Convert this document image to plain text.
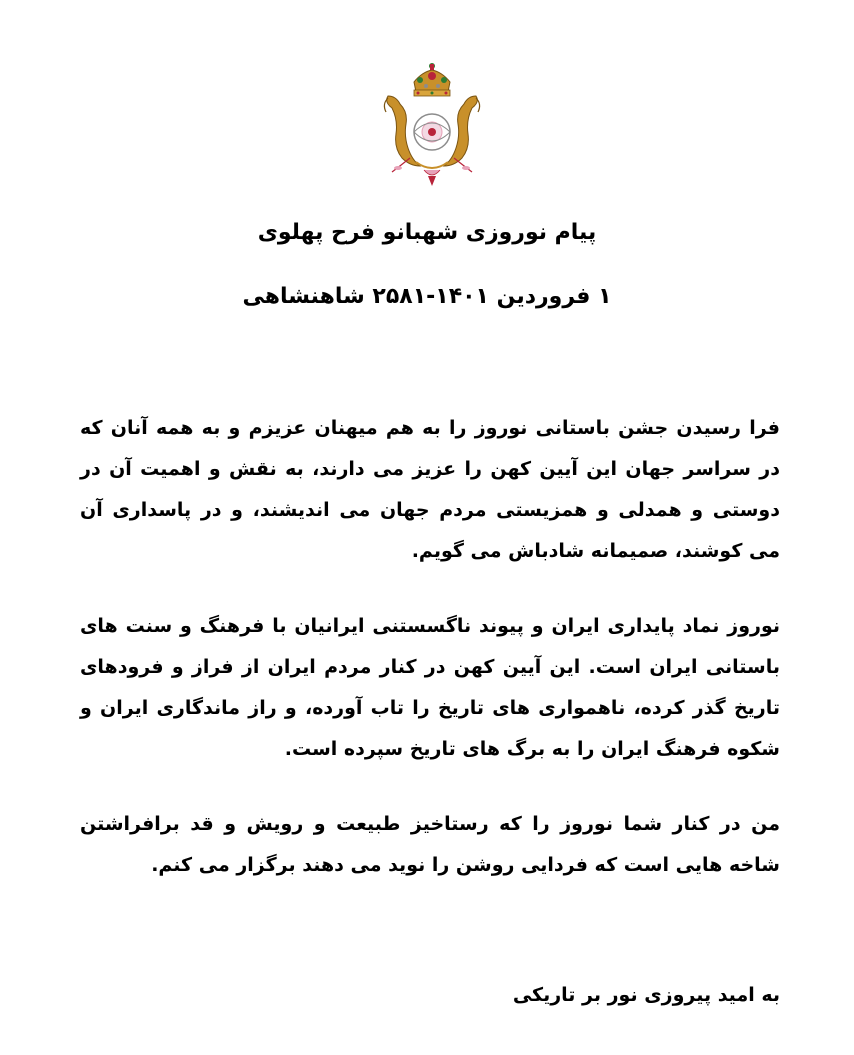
پیام نوروزی شهبانو فرح پهلوی
۱ فروردین ۱۴۰۱-۲۵۸۱ شاهنشاهی

فرا رسیدن جشن باستانی نوروز را به هم میهنان عزیزم و به همه آنان که در سراسر جهان این آیین کهن را عزیز می دارند، به نقش و اهمیت آن در دوستی و همدلی و همزیستی مردم جهان می اندیشند، و در پاسداری آن می کوشند، صمیمانه شادباش می گویم.

نوروز نماد پایداری ایران و پیوند ناگسستنی ایرانیان با فرهنگ و سنت های باستانی ایران است. این آیین کهن در کنار مردم ایران از فراز و فرودهای تاریخ گذر کرده، ناهمواری های تاریخ را تاب آورده، و راز ماندگاری ایران و شکوه فرهنگ ایران را به برگ های تاریخ سپرده است.

من در کنار شما نوروز را که رستاخیز طبیعت و رویش و قد برافراشتن شاخه هایی است که فردایی روشن را نوید می دهند برگزار می کنم.

به امید پیروزی نور بر تاریکی
